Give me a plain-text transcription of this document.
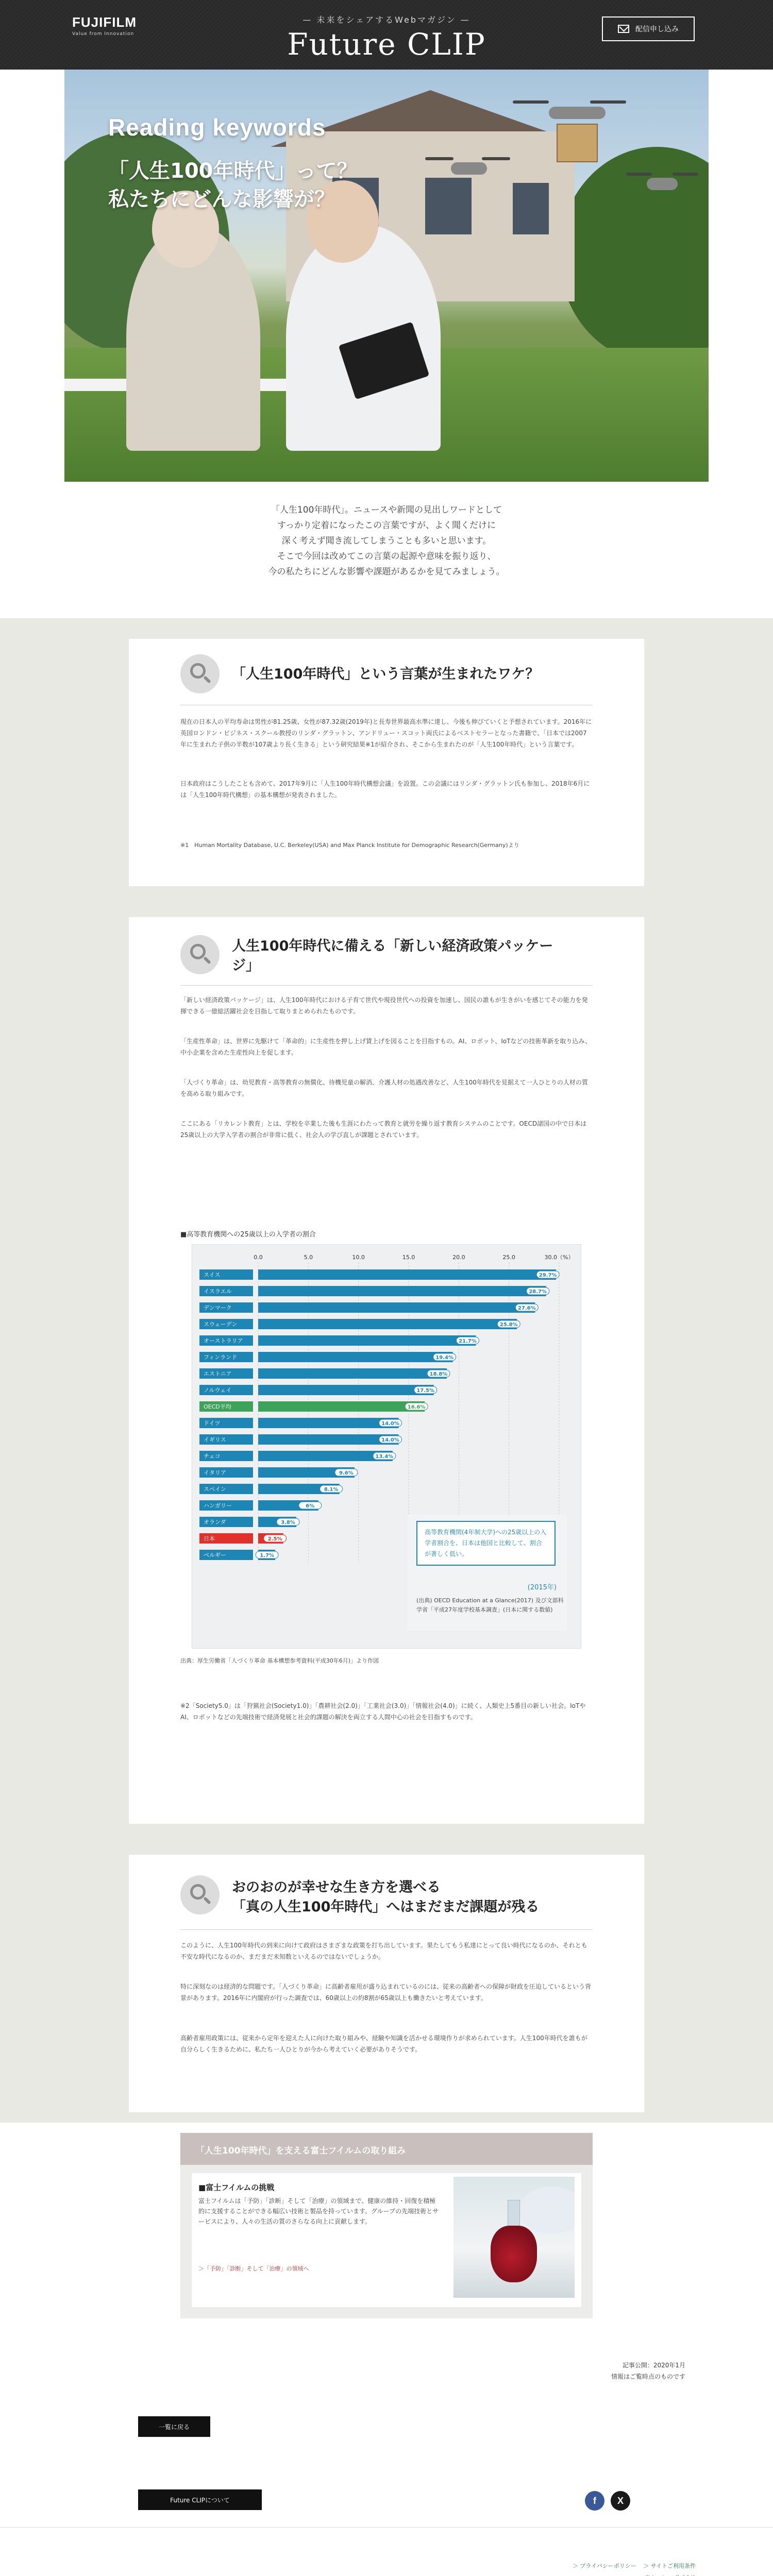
FUJIFILM
Value from Innovation
— 未来をシェアするWebマガジン —
Future CLIP	配信申し込み
Reading keywords
「人生100年時代」って？
私たちにどんな影響が？

「人生100年時代」。ニュースや新聞の見出しワードとして

すっかり定着になったこの言葉ですが、よく聞くだけに

深く考えず聞き流してしまうことも多いと思います。

そこで今回は改めてこの言葉の起源や意味を振り返り、

今の私たちにどんな影響や課題があるかを見てみましょう。

「人生100年時代」という言葉が生まれたワケ？

現在の日本人の平均寿命は男性が81.25歳、女性が87.32歳(2019年)と長寿世界最高水準に達し、今後も伸びていくと予想されています。2016年に英国ロンドン・ビジネス・スクール教授のリンダ・グラットン、アンドリュー・スコット両氏によるベストセラーとなった書籍で、「日本では2007年に生まれた子供の半数が107歳より長く生きる」という研究結果※1が紹介され、そこから生まれたのが「人生100年時代」という言葉です。

日本政府はこうしたことも含めて、2017年9月に「人生100年時代構想会議」を設置。この会議にはリンダ・グラットン氏も参加し、2018年6月には「人生100年時代構想」の基本構想が発表されました。

※1　Human Mortality Database, U.C. Berkeley(USA) and Max Planck Institute for Demographic Research(Germany)より

人生100年時代に備える「新しい経済政策パッケー
ジ」

「新しい経済政策パッケージ」は、人生100年時代における子育て世代や現役世代への投資を加速し、国民の誰もが生きがいを感じてその能力を発揮できる一億総活躍社会を目指して取りまとめられたものです。

「生産性革命」は、世界に先駆けて「革命的」に生産性を押し上げ賃上げを図ることを目指すもの。AI、ロボット、IoTなどの技術革新を取り込み、中小企業を含めた生産性向上を促します。

「人づくり革命」は、幼児教育・高等教育の無償化、待機児童の解消、介護人材の処遇改善など、人生100年時代を見据えて一人ひとりの人材の質を高める取り組みです。

ここにある「リカレント教育」とは、学校を卒業した後も生涯にわたって教育と就労を繰り返す教育システムのことです。OECD諸国の中で日本は25歳以上の大学入学者の割合が非常に低く、社会人の学び直しが課題とされています。

■高等教育機関への25歳以上の入学者の割合
0.0	5.0	10.0	15.0	20.0	25.0	30.0（%）
スイス	29.7%
イスラエル	28.7%
デンマーク	27.6%
スウェーデン	25.8%
オーストラリア	21.7%
フィンランド	19.4%
エストニア	18.8%
ノルウェイ	17.5%
OECD平均	16.6%
ドイツ	14.0%
イギリス	14.0%
チェコ	13.4%
イタリア	9.6%
スペイン	8.1%
ハンガリー	6%
オランダ	3.8%
日本	2.5%
ベルギー	1.7%
高等教育機関(4年制大学)への25歳以上の入学者割合を、日本は他国と比較して、割合が著しく低い。
(2015年)
(出典) OECD Education at a Glance(2017) 及び文部科学省「平成27年度学校基本調査」(日本に関する数値)
出典：厚生労働省「人づくり革命 基本構想参考資料(平成30年6月)」より作図

※2「Society5.0」は「狩猟社会(Society1.0)」「農耕社会(2.0)」「工業社会(3.0)」「情報社会(4.0)」に続く、人類史上5番目の新しい社会。IoTやAI、ロボットなどの先端技術で経済発展と社会的課題の解決を両立する人間中心の社会を目指すものです。

おのおのが幸せな生き方を選べる
「真の人生100年時代」へはまだまだ課題が残る

このように、人生100年時代の到来に向けて政府はさまざまな政策を打ち出しています。果たしてもう私達にとって良い時代になるのか、それとも不安な時代になるのか、まだまだ未知数といえるのではないでしょうか。

特に深刻なのは経済的な問題です。「人づくり革命」に高齢者雇用が盛り込まれているのには、従来の高齢者への保障が財政を圧迫しているという背景があります。2016年に内閣府が行った調査では、60歳以上の約8割が65歳以上も働きたいと考えています。

高齢者雇用政策には、従来から定年を迎えた人に向けた取り組みや、経験や知識を活かせる環境作りが求められています。人生100年時代を誰もが自分らしく生きるために、私たち一人ひとりが今から考えていく必要がありそうです。

「人生100年時代」を支える富士フイルムの取り組み
■富士フイルムの挑戦
富士フイルムは「予防」「診断」そして「治療」の領域まで、健康の維持・回復を積極的に支援することができる幅広い技術と製品を持っています。グループの先端技術とサービスにより、人々の生活の質のさらなる向上に貢献します。
＞「予防」「診断」そして「治療」の領域へ
記事公開：2020年1月
情報はご覧時点のものです
一覧に戻る
Future CLIPについて	f	X
＞ プライバシーポリシー ＞ サイトご利用条件
